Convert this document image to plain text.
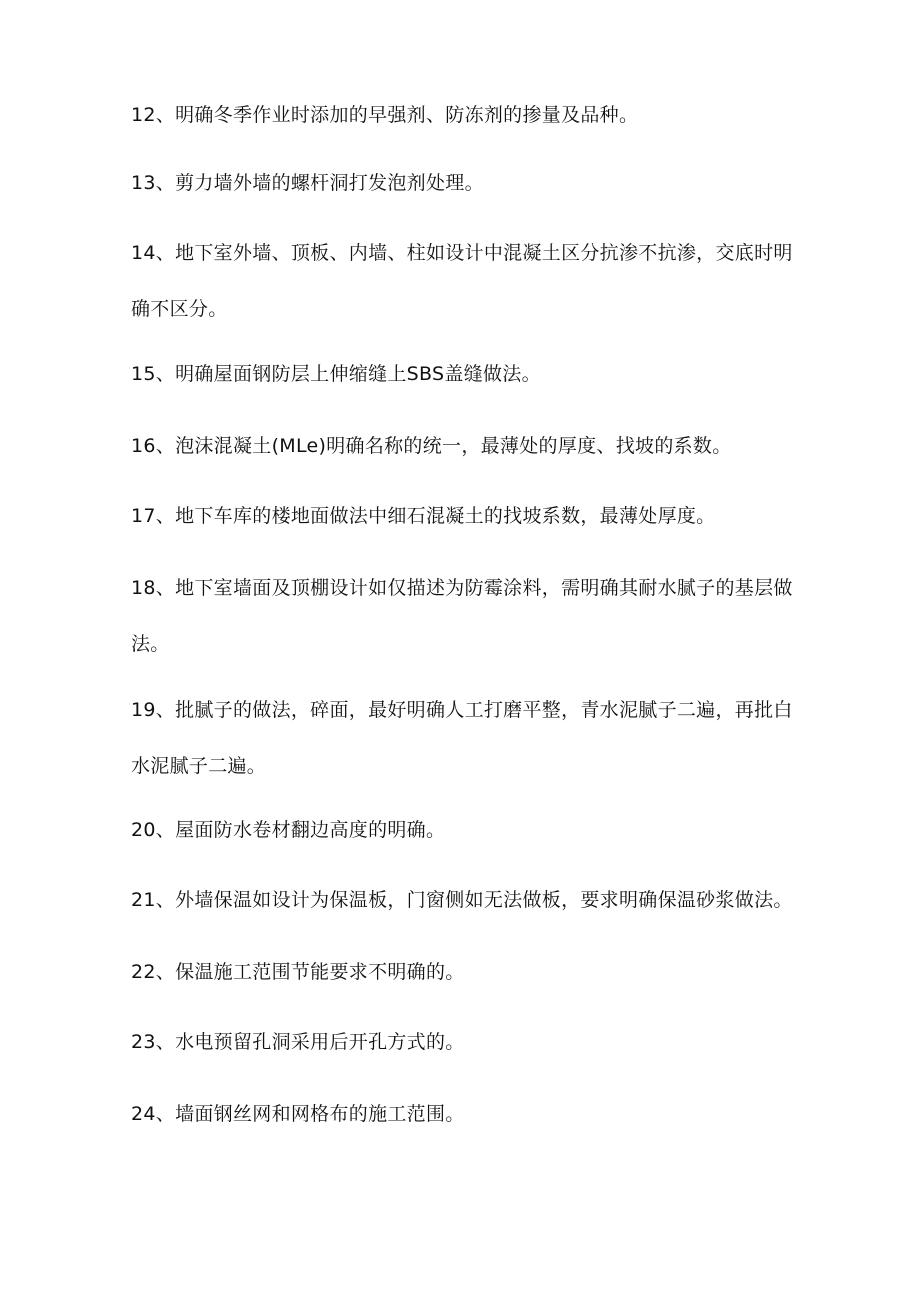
12、明确冬季作业时添加的早强剂、防冻剂的掺量及品种。

13、剪力墙外墙的螺杆洞打发泡剂处理。

14、地下室外墙、顶板、内墙、柱如设计中混凝土区分抗渗不抗渗，交底时明确不区分。

15、明确屋面钢防层上伸缩缝上SBS盖缝做法。

16、泡沫混凝土(MLe)明确名称的统一，最薄处的厚度、找坡的系数。

17、地下车库的楼地面做法中细石混凝土的找坡系数，最薄处厚度。

18、地下室墙面及顶棚设计如仅描述为防霉涂料，需明确其耐水腻子的基层做法。

19、批腻子的做法，碎面，最好明确人工打磨平整，青水泥腻子二遍，再批白水泥腻子二遍。

20、屋面防水卷材翻边高度的明确。

21、外墙保温如设计为保温板，门窗侧如无法做板，要求明确保温砂浆做法。

22、保温施工范围节能要求不明确的。

23、水电预留孔洞采用后开孔方式的。

24、墙面钢丝网和网格布的施工范围。
